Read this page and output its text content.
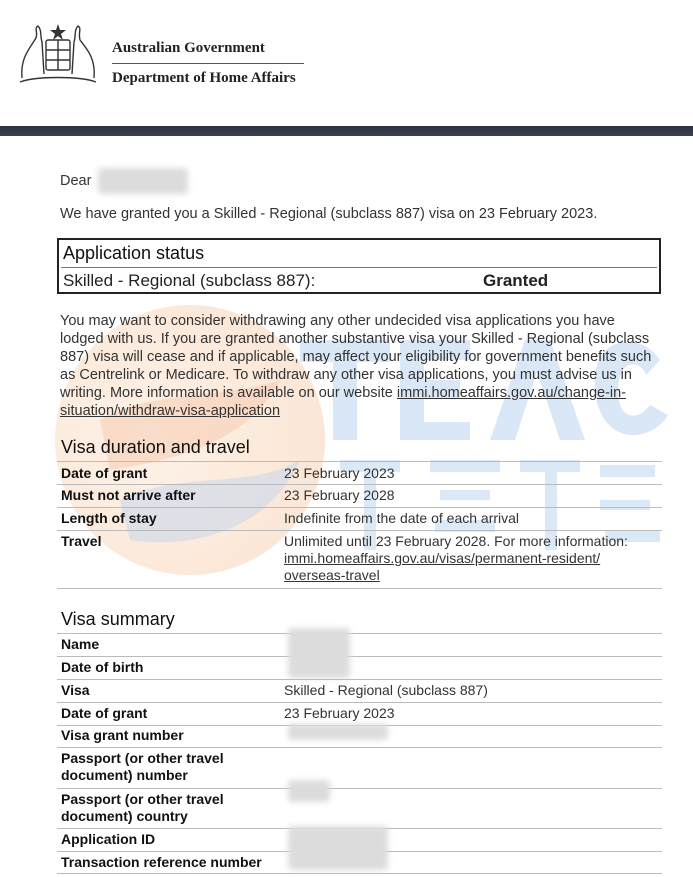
Australian Government
Department of Home Affairs
Dear
We have granted you a Skilled - Regional (subclass 887) visa on 23 February 2023.
Application status
Skilled - Regional (subclass 887):	Granted
You may want to consider withdrawing any other undecided visa applications you have
lodged with us. If you are granted another substantive visa your Skilled - Regional (subclass
887) visa will cease and if applicable, may affect your eligibility for government benefits such
as Centrelink or Medicare. To withdraw any other visa applications, you must advise us in
writing. More information is available on our website immi.homeaffairs.gov.au/change-in-
situation/withdraw-visa-application
Visa duration and travel
Date of grant	23 February 2023
Must not arrive after	23 February 2028
Length of stay	Indefinite from the date of each arrival
Travel	Unlimited until 23 February 2028. For more information:
immi.homeaffairs.gov.au/visas/permanent-resident/
overseas-travel
Visa summary
Name
Date of birth
Visa	Skilled - Regional (subclass 887)
Date of grant	23 February 2023
Visa grant number
Passport (or other travel
document) number
Passport (or other travel
document) country
Application ID
Transaction reference number
